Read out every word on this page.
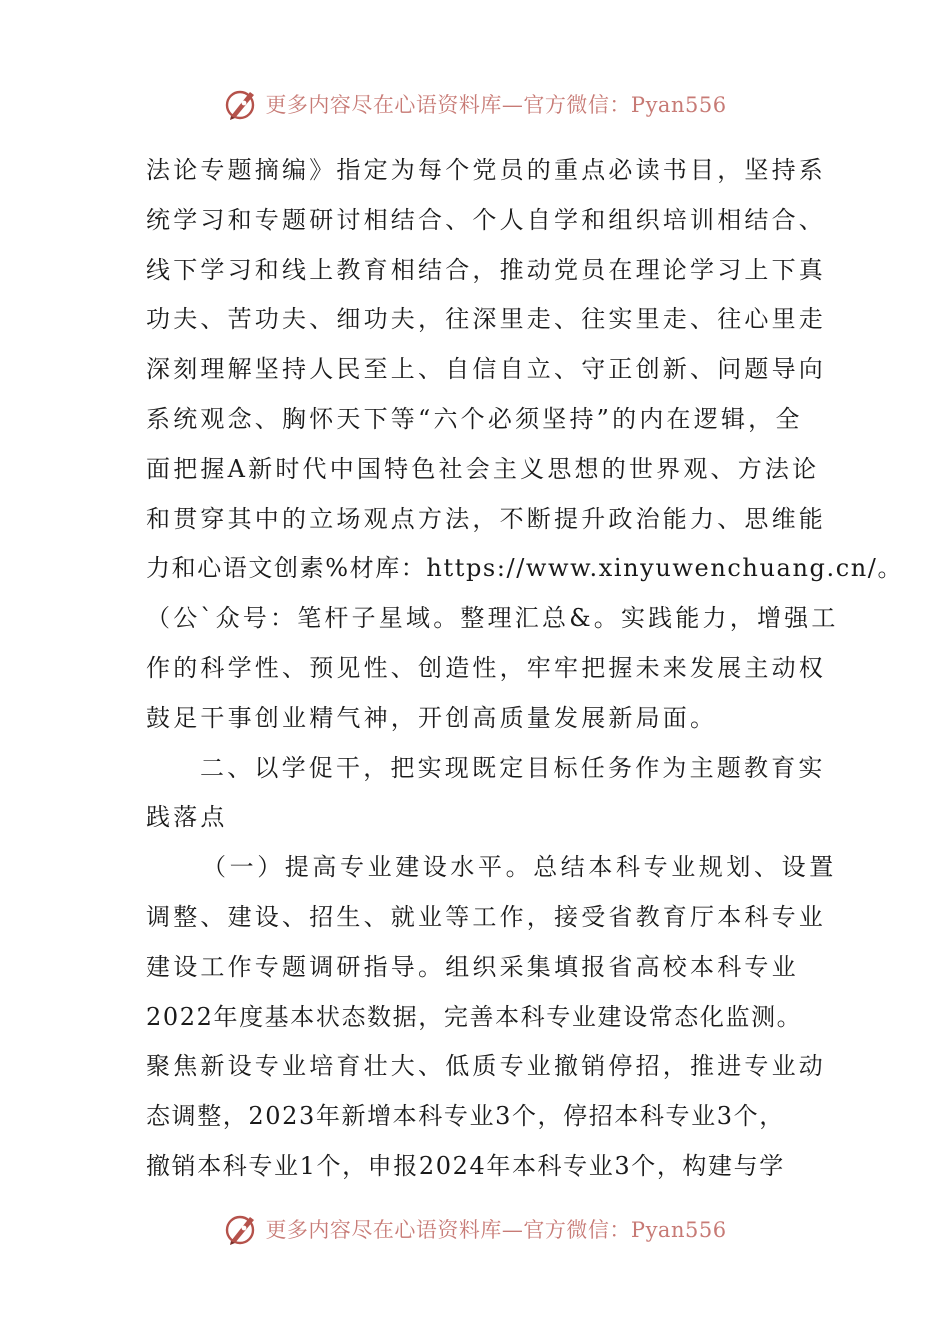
更多内容尽在心语资料库—官方微信：Pyan556
法论专题摘编》指定为每个党员的重点必读书目，坚持系
统学习和专题研讨相结合、个人自学和组织培训相结合、
线下学习和线上教育相结合，推动党员在理论学习上下真
功夫、苦功夫、细功夫，往深里走、往实里走、往心里走
深刻理解坚持人民至上、自信自立、守正创新、问题导向
系统观念、胸怀天下等“六个必须坚持”的内在逻辑，全
面把握A新时代中国特色社会主义思想的世界观、方法论
和贯穿其中的立场观点方法，不断提升政治能力、思维能
力和心语文创素%材库：https://www.xinyuwenchuang.cn/。
（公`众号：笔杆子星域。整理汇总&。实践能力，增强工
作的科学性、预见性、创造性，牢牢把握未来发展主动权
鼓足干事创业精气神，开创高质量发展新局面。
二、以学促干，把实现既定目标任务作为主题教育实
践落点
（一）提高专业建设水平。总结本科专业规划、设置
调整、建设、招生、就业等工作，接受省教育厅本科专业
建设工作专题调研指导。组织采集填报省高校本科专业
2022年度基本状态数据，完善本科专业建设常态化监测。
聚焦新设专业培育壮大、低质专业撤销停招，推进专业动
态调整，2023年新增本科专业3个，停招本科专业3个，
撤销本科专业1个，申报2024年本科专业3个，构建与学
更多内容尽在心语资料库—官方微信：Pyan556
